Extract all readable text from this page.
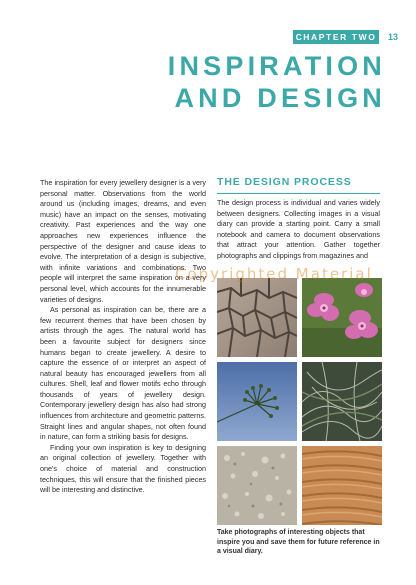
CHAPTER TWO 13
INSPIRATION
AND DESIGN

The inspiration for every jewellery designer is a very personal matter. Observations from the world around us (including images, dreams, and even music) have an impact on the senses, motivating creativity. Past experiences and the way one approaches new experiences influence the perspective of the designer and cause ideas to evolve. The interpretation of a design is subjective, with infinite variations and combinations. Two people will interpret the same inspiration on a very personal level, which accounts for the innumerable varieties of designs.

As personal as inspiration can be, there are a few recurrent themes that have been chosen by artists through the ages. The natural world has been a favourite subject for designers since humans began to create jewellery. A desire to capture the essence of or interpret an aspect of natural beauty has encouraged jewellers from all cultures. Shell, leaf and flower motifs echo through thousands of years of jewellery design. Contemporary jewellery design has also had strong influences from architecture and geometric patterns. Straight lines and angular shapes, not often found in nature, can form a striking basis for designs.

Finding your own inspiration is key to designing an original collection of jewellery. Together with one's choice of material and construction techniques, this will ensure that the finished pieces will be interesting and distinctive.

THE DESIGN PROCESS

The design process is individual and varies widely between designers. Collecting images in a visual diary can provide a starting point. Carry a small notebook and camera to document observations that attract your attention. Gather together photographs and clippings from magazines and

Copyrighted Material
Take photographs of interesting objects that inspire you and save them for future reference in a visual diary.
